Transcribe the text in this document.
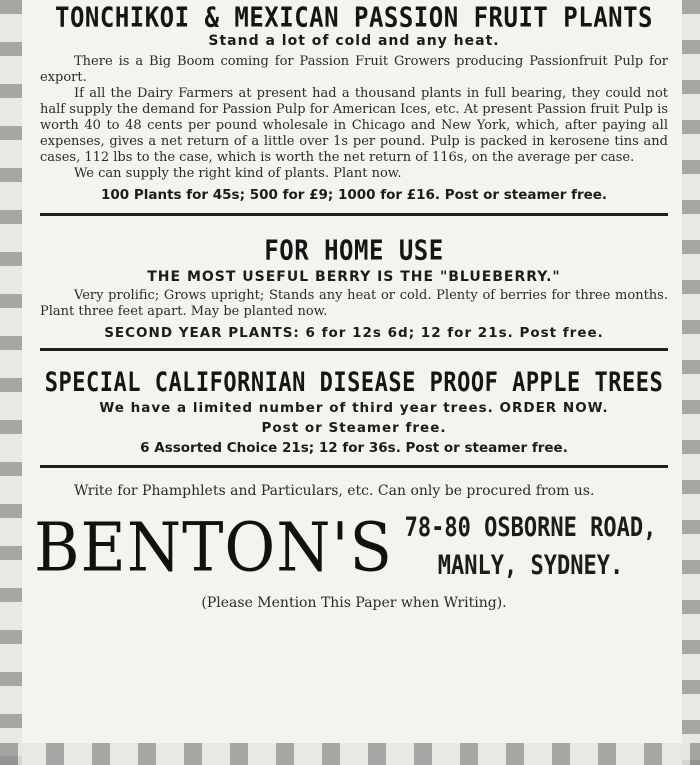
TONCHIKOI & MEXICAN PASSION FRUIT PLANTS
Stand a lot of cold and any heat.

There is a Big Boom coming for Passion Fruit Growers producing Passionfruit Pulp for export.

If all the Dairy Farmers at present had a thousand plants in full bearing, they could not half supply the demand for Passion Pulp for American Ices, etc. At present Passion fruit Pulp is worth 40 to 48 cents per pound wholesale in Chicago and New York, which, after paying all expenses, gives a net return of a little over 1s per pound. Pulp is packed in kerosene tins and cases, 112 lbs to the case, which is worth the net return of 116s, on the average per case.

We can supply the right kind of plants. Plant now.

100 Plants for 45s; 500 for £9; 1000 for £16. Post or steamer free.
FOR HOME USE
THE MOST USEFUL BERRY IS THE "BLUEBERRY."

Very prolific; Grows upright; Stands any heat or cold. Plenty of berries for three months. Plant three feet apart. May be planted now.

SECOND YEAR PLANTS: 6 for 12s 6d; 12 for 21s. Post free.
SPECIAL CALIFORNIAN DISEASE PROOF APPLE TREES
We have a limited number of third year trees. ORDER NOW.
Post or Steamer free.
6 Assorted Choice 21s; 12 for 36s. Post or steamer free.

Write for Phamphlets and Particulars, etc. Can only be procured from us.

BENTON'S 78-80 OSBORNE ROAD,
MANLY, SYDNEY.
(Please Mention This Paper when Writing).
